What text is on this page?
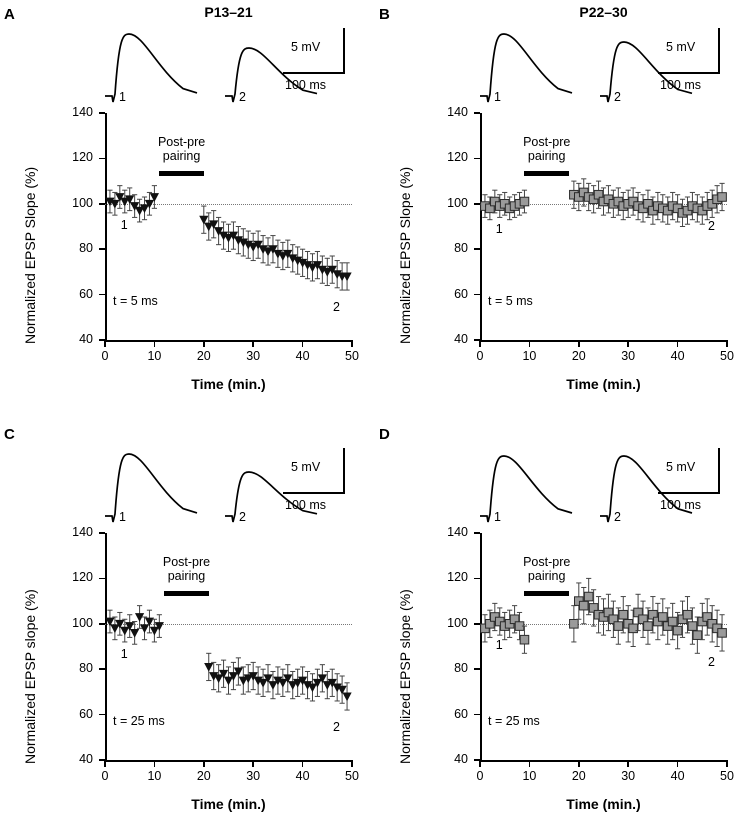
A	P13–21
Normalized EPSP Slope (%)
Time (min.)
40
60
80
100
120
140
0	10	20	30	40	50
Post-pre
pairing
t = 5 ms
1
2
1	2
5 mV
100 ms
B	P22–30
Normalized EPSP Slope (%)
Time (min.)
40
60
80
100
120
140
0	10	20	30	40	50
Post-pre
pairing
t = 5 ms
1	2
1	2
5 mV
100 ms
C
Normalized EPSP slope (%)
Time (min.)
40
60
80
100
120
140
0	10	20	30	40	50
Post-pre
pairing
t = 25 ms
1
2
1	2
5 mV
100 ms
D
Normalized EPSP slope (%)
Time (min.)
40
60
80
100
120
140
0	10	20	30	40	50
Post-pre
pairing
t = 25 ms
1
2
1	2
5 mV
100 ms
